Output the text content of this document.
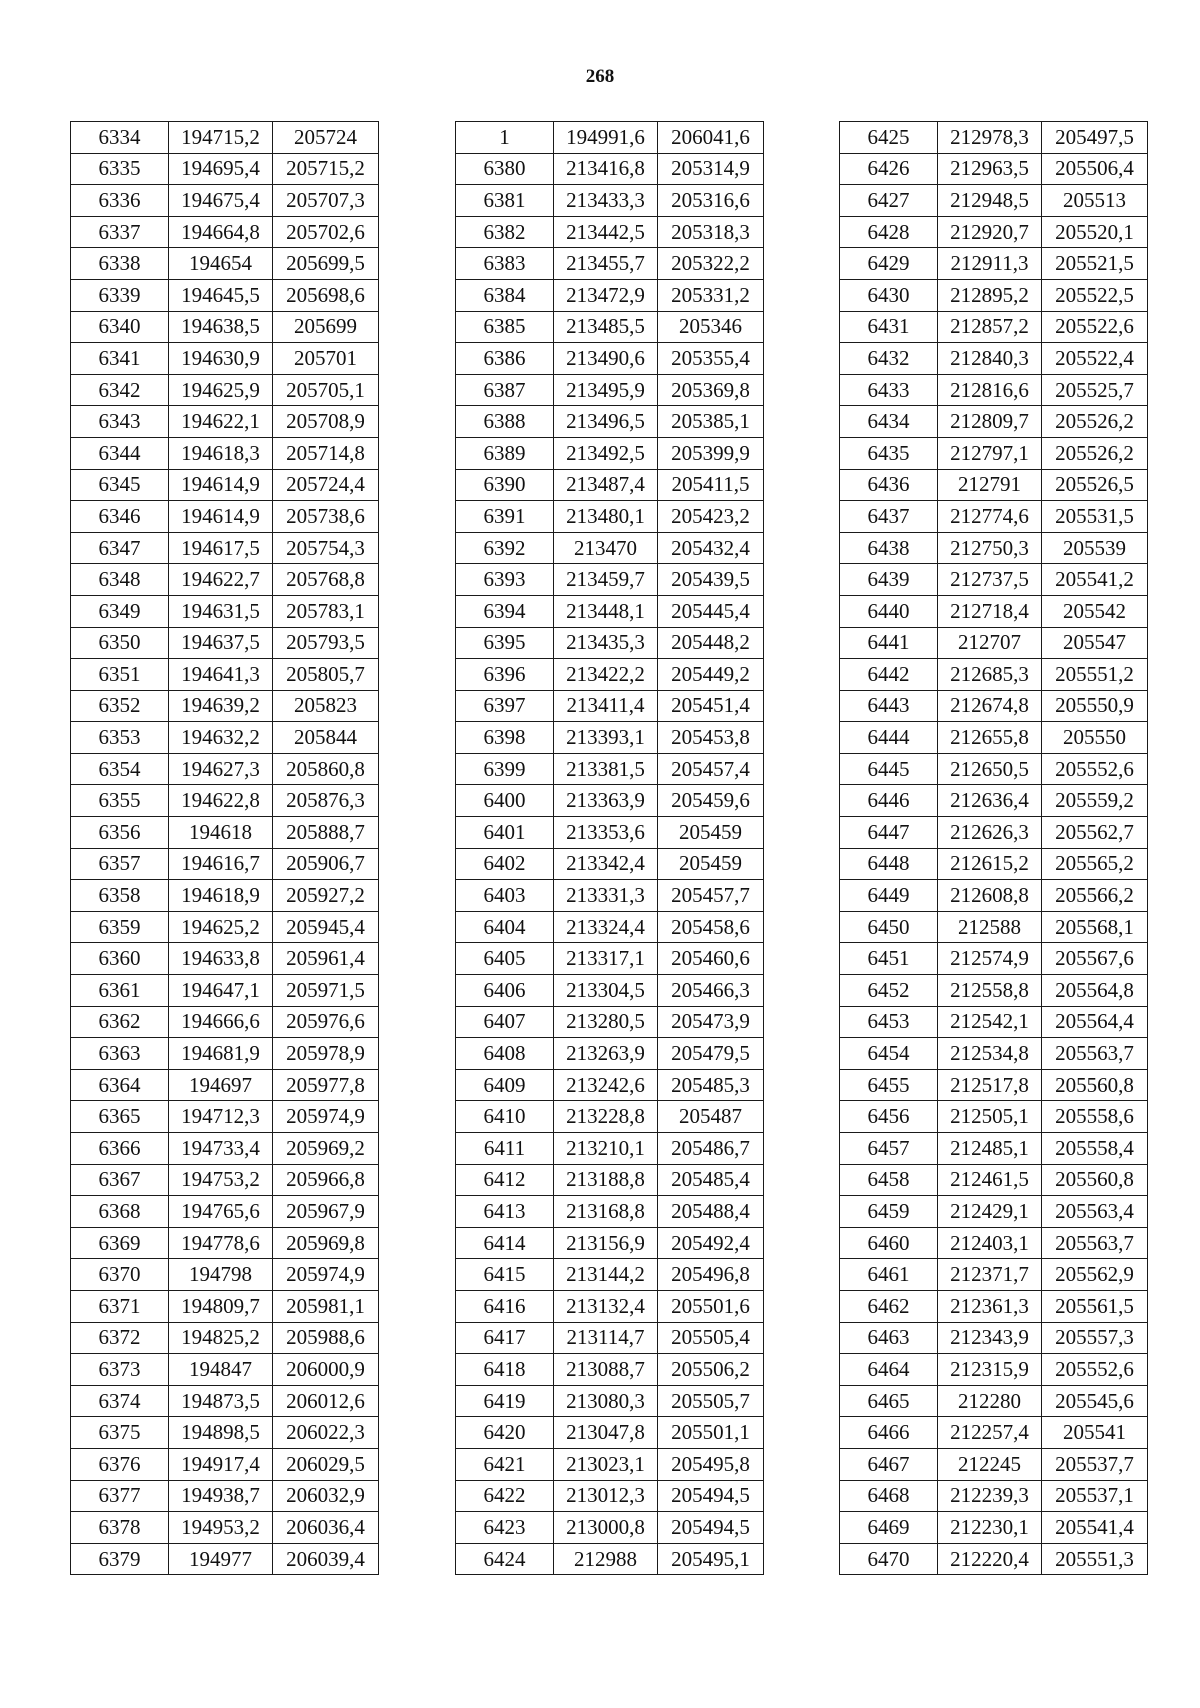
268
6334	194715,2	205724
6335	194695,4	205715,2
6336	194675,4	205707,3
6337	194664,8	205702,6
6338	194654	205699,5
6339	194645,5	205698,6
6340	194638,5	205699
6341	194630,9	205701
6342	194625,9	205705,1
6343	194622,1	205708,9
6344	194618,3	205714,8
6345	194614,9	205724,4
6346	194614,9	205738,6
6347	194617,5	205754,3
6348	194622,7	205768,8
6349	194631,5	205783,1
6350	194637,5	205793,5
6351	194641,3	205805,7
6352	194639,2	205823
6353	194632,2	205844
6354	194627,3	205860,8
6355	194622,8	205876,3
6356	194618	205888,7
6357	194616,7	205906,7
6358	194618,9	205927,2
6359	194625,2	205945,4
6360	194633,8	205961,4
6361	194647,1	205971,5
6362	194666,6	205976,6
6363	194681,9	205978,9
6364	194697	205977,8
6365	194712,3	205974,9
6366	194733,4	205969,2
6367	194753,2	205966,8
6368	194765,6	205967,9
6369	194778,6	205969,8
6370	194798	205974,9
6371	194809,7	205981,1
6372	194825,2	205988,6
6373	194847	206000,9
6374	194873,5	206012,6
6375	194898,5	206022,3
6376	194917,4	206029,5
6377	194938,7	206032,9
6378	194953,2	206036,4
6379	194977	206039,4
1	194991,6	206041,6
6380	213416,8	205314,9
6381	213433,3	205316,6
6382	213442,5	205318,3
6383	213455,7	205322,2
6384	213472,9	205331,2
6385	213485,5	205346
6386	213490,6	205355,4
6387	213495,9	205369,8
6388	213496,5	205385,1
6389	213492,5	205399,9
6390	213487,4	205411,5
6391	213480,1	205423,2
6392	213470	205432,4
6393	213459,7	205439,5
6394	213448,1	205445,4
6395	213435,3	205448,2
6396	213422,2	205449,2
6397	213411,4	205451,4
6398	213393,1	205453,8
6399	213381,5	205457,4
6400	213363,9	205459,6
6401	213353,6	205459
6402	213342,4	205459
6403	213331,3	205457,7
6404	213324,4	205458,6
6405	213317,1	205460,6
6406	213304,5	205466,3
6407	213280,5	205473,9
6408	213263,9	205479,5
6409	213242,6	205485,3
6410	213228,8	205487
6411	213210,1	205486,7
6412	213188,8	205485,4
6413	213168,8	205488,4
6414	213156,9	205492,4
6415	213144,2	205496,8
6416	213132,4	205501,6
6417	213114,7	205505,4
6418	213088,7	205506,2
6419	213080,3	205505,7
6420	213047,8	205501,1
6421	213023,1	205495,8
6422	213012,3	205494,5
6423	213000,8	205494,5
6424	212988	205495,1
6425	212978,3	205497,5
6426	212963,5	205506,4
6427	212948,5	205513
6428	212920,7	205520,1
6429	212911,3	205521,5
6430	212895,2	205522,5
6431	212857,2	205522,6
6432	212840,3	205522,4
6433	212816,6	205525,7
6434	212809,7	205526,2
6435	212797,1	205526,2
6436	212791	205526,5
6437	212774,6	205531,5
6438	212750,3	205539
6439	212737,5	205541,2
6440	212718,4	205542
6441	212707	205547
6442	212685,3	205551,2
6443	212674,8	205550,9
6444	212655,8	205550
6445	212650,5	205552,6
6446	212636,4	205559,2
6447	212626,3	205562,7
6448	212615,2	205565,2
6449	212608,8	205566,2
6450	212588	205568,1
6451	212574,9	205567,6
6452	212558,8	205564,8
6453	212542,1	205564,4
6454	212534,8	205563,7
6455	212517,8	205560,8
6456	212505,1	205558,6
6457	212485,1	205558,4
6458	212461,5	205560,8
6459	212429,1	205563,4
6460	212403,1	205563,7
6461	212371,7	205562,9
6462	212361,3	205561,5
6463	212343,9	205557,3
6464	212315,9	205552,6
6465	212280	205545,6
6466	212257,4	205541
6467	212245	205537,7
6468	212239,3	205537,1
6469	212230,1	205541,4
6470	212220,4	205551,3
